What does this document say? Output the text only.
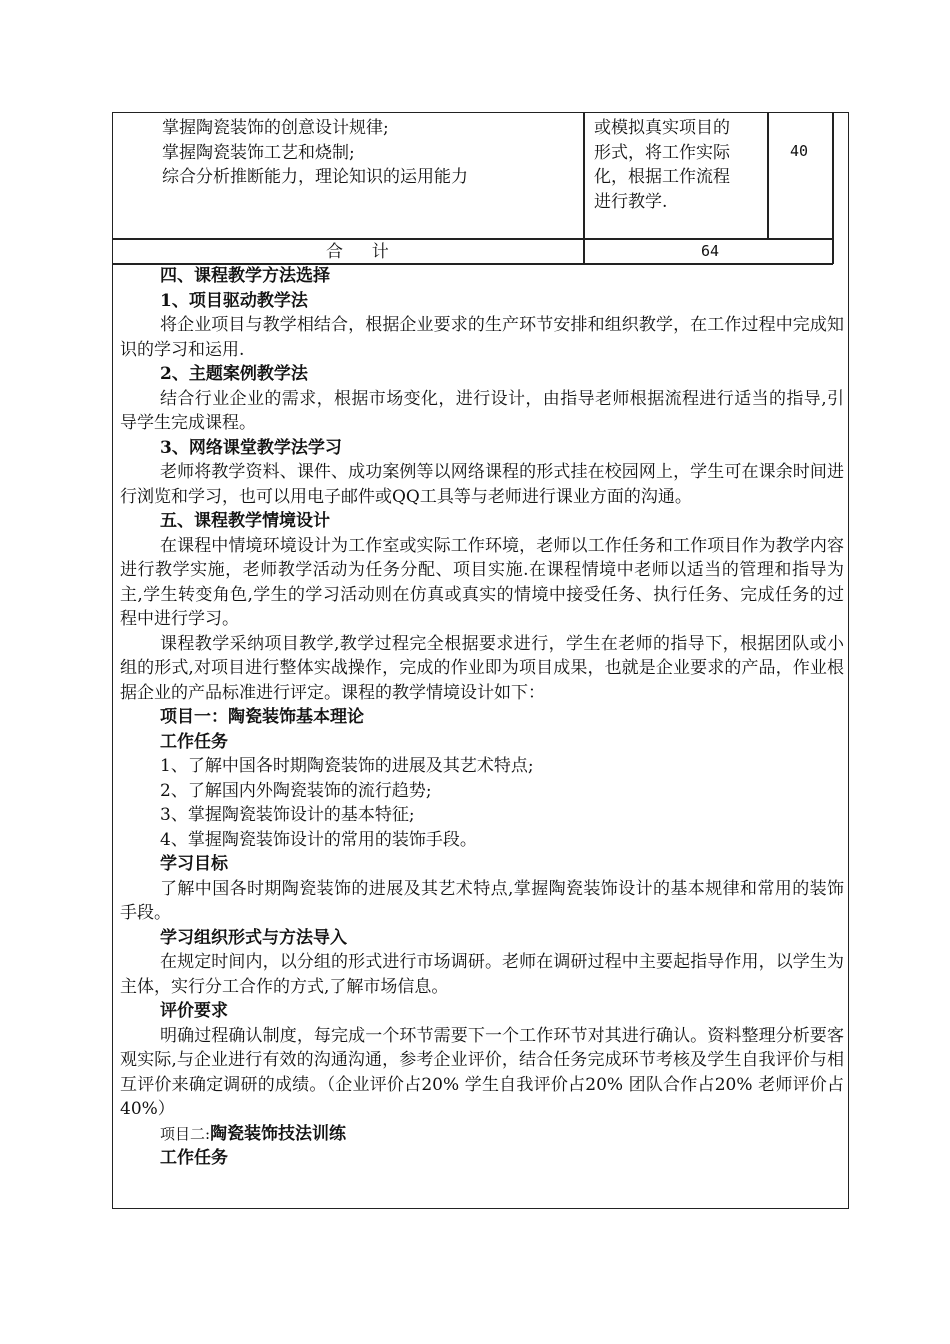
掌握陶瓷装饰的创意设计规律;
掌握陶瓷装饰工艺和烧制;
综合分析推断能力，理论知识的运用能力
或模拟真实项目的
形式，将工作实际
化，根据工作流程
进行教学.
40
合  计	64

四、课程教学方法选择

1、项目驱动教学法

将企业项目与教学相结合，根据企业要求的生产环节安排和组织教学，在工作过程中完成知识的学习和运用.

2、主题案例教学法

结合行业企业的需求，根据市场变化，进行设计，由指导老师根据流程进行适当的指导,引导学生完成课程。

3、网络课堂教学法学习

老师将教学资料、课件、成功案例等以网络课程的形式挂在校园网上，学生可在课余时间进行浏览和学习，也可以用电子邮件或QQ工具等与老师进行课业方面的沟通。

五、课程教学情境设计

在课程中情境环境设计为工作室或实际工作环境，老师以工作任务和工作项目作为教学内容进行教学实施，老师教学活动为任务分配、项目实施.在课程情境中老师以适当的管理和指导为主,学生转变角色,学生的学习活动则在仿真或真实的情境中接受任务、执行任务、完成任务的过程中进行学习。

课程教学采纳项目教学,教学过程完全根据要求进行，学生在老师的指导下，根据团队或小组的形式,对项目进行整体实战操作，完成的作业即为项目成果，也就是企业要求的产品，作业根据企业的产品标准进行评定。课程的教学情境设计如下：

项目一：陶瓷装饰基本理论

工作任务

1、了解中国各时期陶瓷装饰的进展及其艺术特点;

2、了解国内外陶瓷装饰的流行趋势;

3、掌握陶瓷装饰设计的基本特征;

4、掌握陶瓷装饰设计的常用的装饰手段。

学习目标

了解中国各时期陶瓷装饰的进展及其艺术特点,掌握陶瓷装饰设计的基本规律和常用的装饰手段。

学习组织形式与方法导入

在规定时间内，以分组的形式进行市场调研。老师在调研过程中主要起指导作用，以学生为主体，实行分工合作的方式,了解市场信息。

评价要求

明确过程确认制度，每完成一个环节需要下一个工作环节对其进行确认。资料整理分析要客观实际,与企业进行有效的沟通沟通，参考企业评价，结合任务完成环节考核及学生自我评价与相互评价来确定调研的成绩。（企业评价占20% 学生自我评价占20% 团队合作占20% 老师评价占40%）

项目二:陶瓷装饰技法训练

工作任务
